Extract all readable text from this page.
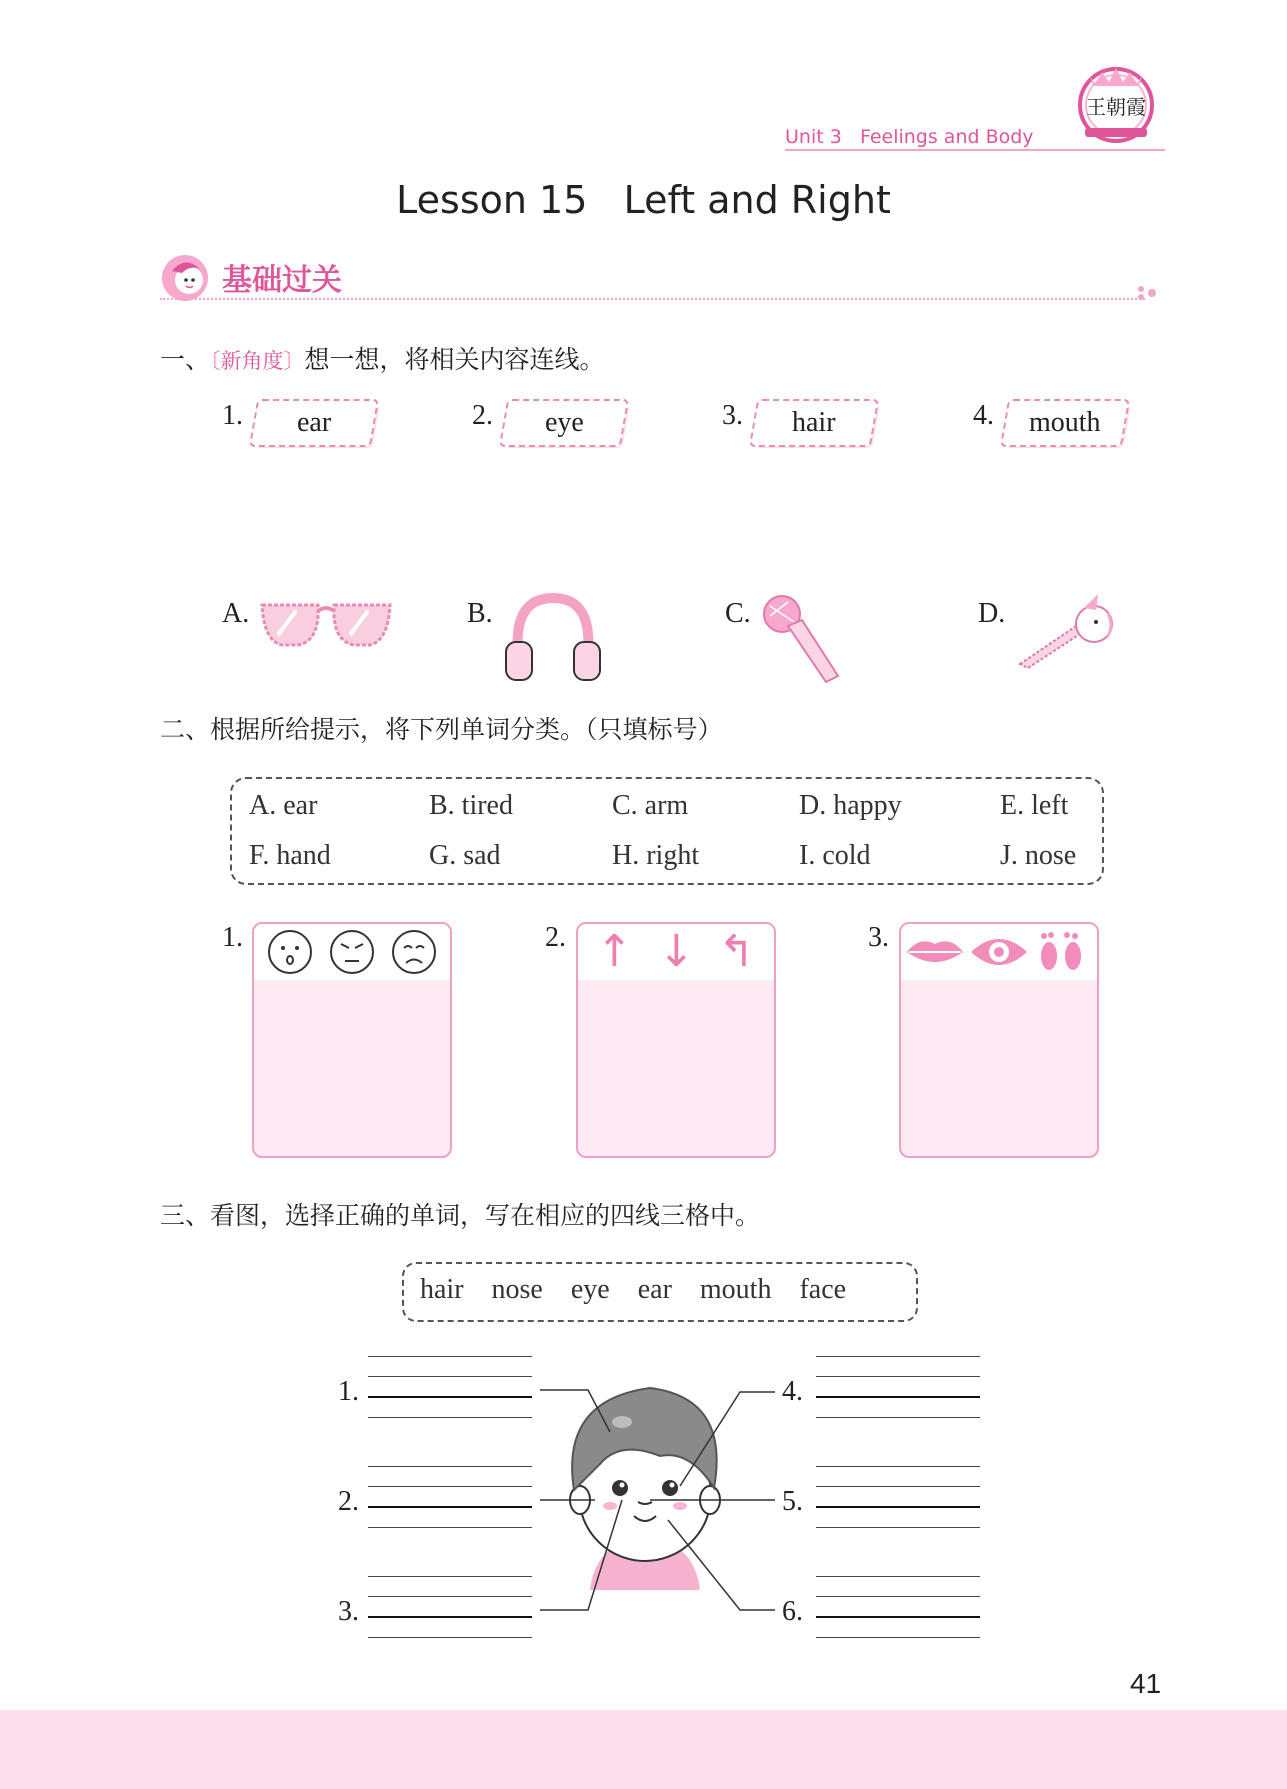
王朝霞
Unit 3 Feelings and Body
Lesson 15   Left and Right
基础过关
一、〔新角度〕想一想，将相关内容连线。
1.	ear	2.	eye	3.	hair	4.	mouth
A.	B.	C.	D.
二、根据所给提示，将下列单词分类。（只填标号）
A. ear	B. tired	C. arm	D. happy	E. left
F. hand	G. sad	H. right	I. cold	J. nose
1.	2. ↑ ↓ ↰	3.
三、看图，选择正确的单词，写在相应的四线三格中。
hair    nose    eye    ear    mouth    face
1.
2.
3.
4.
5.
6.
41
